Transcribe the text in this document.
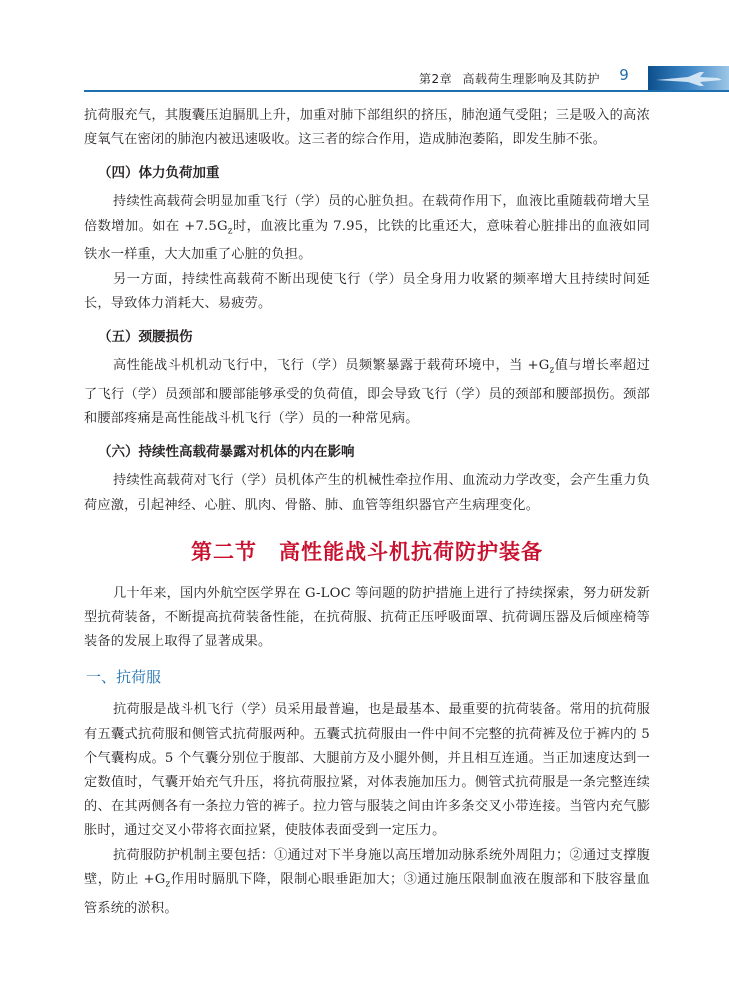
第2章 高载荷生理影响及其防护	9

抗荷服充气，其腹囊压迫膈肌上升，加重对肺下部组织的挤压，肺泡通气受阻；三是吸入的高浓度氧气在密闭的肺泡内被迅速吸收。这三者的综合作用，造成肺泡萎陷，即发生肺不张。

（四）体力负荷加重

持续性高载荷会明显加重飞行（学）员的心脏负担。在载荷作用下，血液比重随载荷增大呈倍数增加。如在 $+7.5G_z$时，血液比重为 7.95，比铁的比重还大，意味着心脏排出的血液如同铁水一样重，大大加重了心脏的负担。

另一方面，持续性高载荷不断出现使飞行（学）员全身用力收紧的频率增大且持续时间延长，导致体力消耗大、易疲劳。

（五）颈腰损伤

高性能战斗机机动飞行中，飞行（学）员频繁暴露于载荷环境中，当 $+G_z$值与增长率超过了飞行（学）员颈部和腰部能够承受的负荷值，即会导致飞行（学）员的颈部和腰部损伤。颈部和腰部疼痛是高性能战斗机飞行（学）员的一种常见病。

（六）持续性高载荷暴露对机体的内在影响

持续性高载荷对飞行（学）员机体产生的机械性牵拉作用、血流动力学改变，会产生重力负荷应激，引起神经、心脏、肌肉、骨骼、肺、血管等组织器官产生病理变化。

第二节　高性能战斗机抗荷防护装备

几十年来，国内外航空医学界在 G-LOC 等问题的防护措施上进行了持续探索，努力研发新型抗荷装备，不断提高抗荷装备性能，在抗荷服、抗荷正压呼吸面罩、抗荷调压器及后倾座椅等装备的发展上取得了显著成果。

一、抗荷服

抗荷服是战斗机飞行（学）员采用最普遍，也是最基本、最重要的抗荷装备。常用的抗荷服有五囊式抗荷服和侧管式抗荷服两种。五囊式抗荷服由一件中间不完整的抗荷裤及位于裤内的 5 个气囊构成。5 个气囊分别位于腹部、大腿前方及小腿外侧，并且相互连通。当正加速度达到一定数值时，气囊开始充气升压，将抗荷服拉紧，对体表施加压力。侧管式抗荷服是一条完整连续的、在其两侧各有一条拉力管的裤子。拉力管与服装之间由许多条交叉小带连接。当管内充气膨胀时，通过交叉小带将衣面拉紧，使肢体表面受到一定压力。

抗荷服防护机制主要包括：①通过对下半身施以高压增加动脉系统外周阻力；②通过支撑腹壁，防止 $+G_z$作用时膈肌下降，限制心眼垂距加大；③通过施压限制血液在腹部和下肢容量血管系统的淤积。
